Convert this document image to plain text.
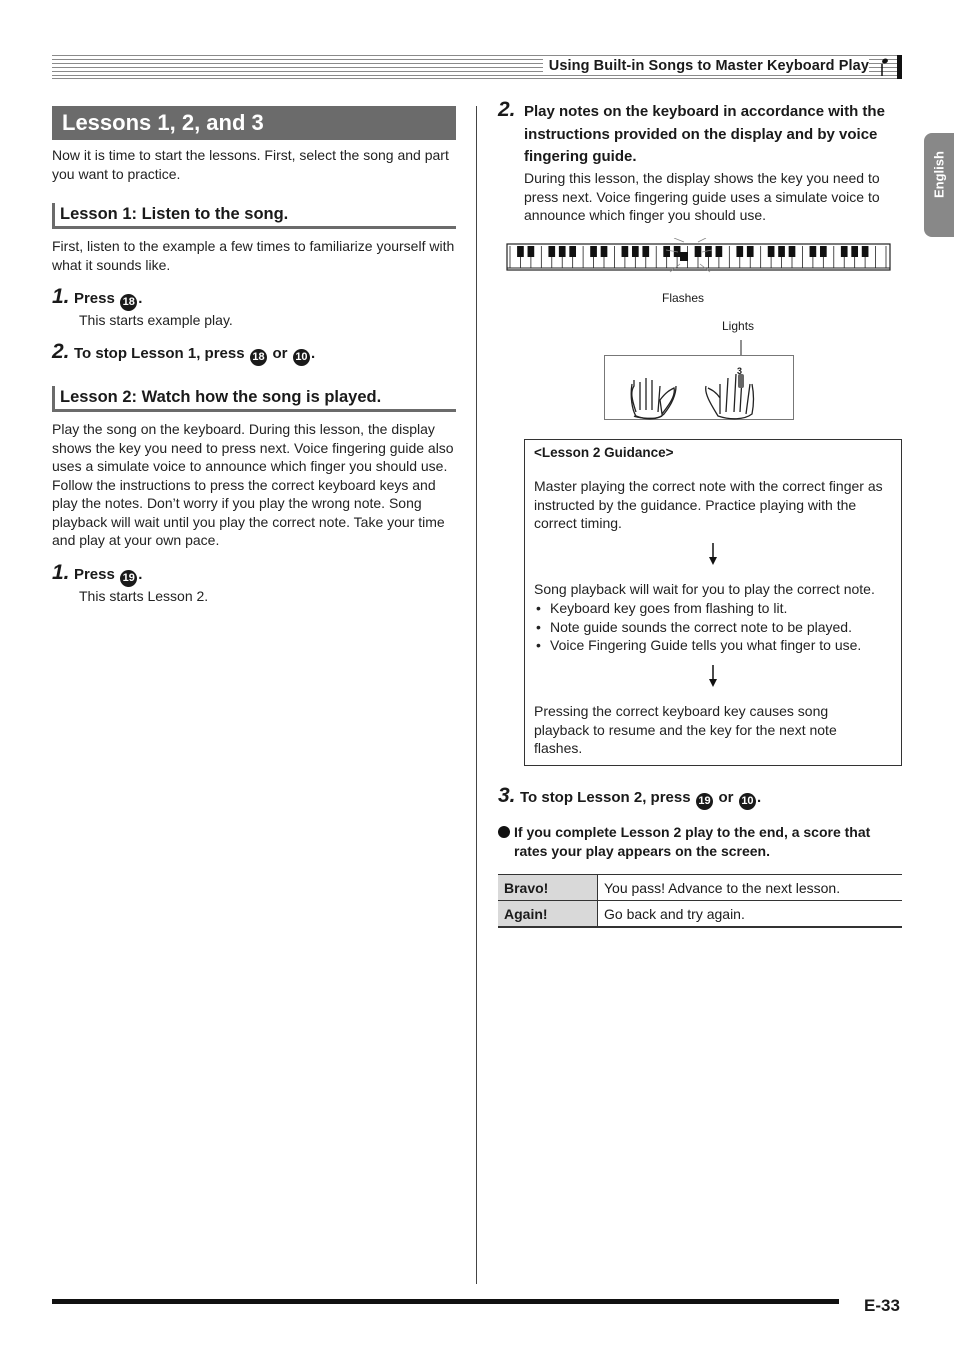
Using Built-in Songs to Master Keyboard Play
English
Lessons 1, 2, and 3
Now it is time to start the lessons. First, select the song and part you want to practice.
Lesson 1: Listen to the song.
First, listen to the example a few times to familiarize yourself with what it sounds like.
1. Press 18 .
This starts example play.
2. To stop Lesson 1, press 18 or 10 .
Lesson 2: Watch how the song is played.
Play the song on the keyboard. During this lesson, the display shows the key you need to press next. Voice fingering guide also uses a simulate voice to announce which finger you should use. Follow the instructions to press the correct keyboard keys and play the notes. Don’t worry if you play the wrong note. Song playback will wait until you play the correct note. Take your time and play at your own pace.
1. Press 19 .
This starts Lesson 2.
2. Play notes on the keyboard in accordance with the instructions provided on the display and by voice fingering guide.
During this lesson, the display shows the key you need to press next. Voice fingering guide uses a simulate voice to announce which finger you should use.
Flashes
Lights
3
<Lesson 2 Guidance>
Master playing the correct note with the correct finger as instructed by the guidance. Practice playing with the correct timing.
Song playback will wait for you to play the correct note.
• Keyboard key goes from flashing to lit.
• Note guide sounds the correct note to be played.
• Voice Fingering Guide tells you what finger to use.
Pressing the correct keyboard key causes song playback to resume and the key for the next note flashes.
3. To stop Lesson 2, press 19 or 10 .
If you complete Lesson 2 play to the end, a score that rates your play appears on the screen.
Bravo!	You pass! Advance to the next lesson.
Again!	Go back and try again.
E-33
